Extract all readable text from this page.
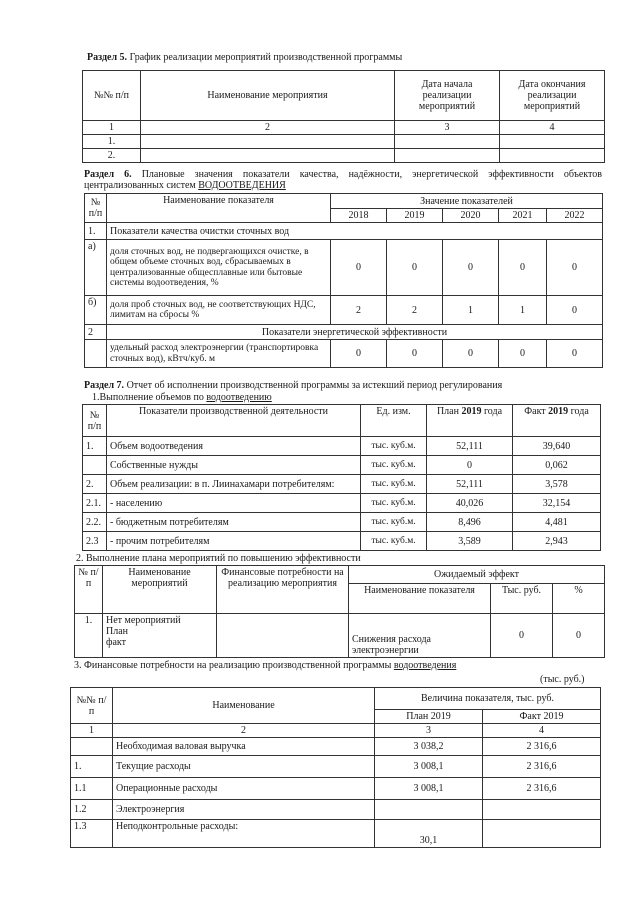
Раздел 5. График реализации мероприятий производственной программы
№№ п/п	Наименование мероприятия	Дата начала реализации мероприятий	Дата окончания реализации мероприятий
1	2	3	4
1.			
2.			
Раздел 6. Плановые значения показатели качества, надёжности, энергетической эффективности объектов централизованных систем ВОДООТВЕДЕНИЯ
№ п/п	Наименование показателя	Значение показателей				
		2018	2019	2020	2021	2022
1.	Показатели качества очистки сточных вод					
а)	доля сточных вод, не подвергающихся очистке, в общем объеме сточных вод, сбрасываемых в централизованные общесплавные или бытовые системы водоотведения, %	0	0	0	0	0
б)	доля проб сточных вод, не соответствующих НДС, лимитам на сбросы %	2	2	1	1	0
2	Показатели энергетической эффективности					
	удельный расход электроэнергии (транспортировка сточных вод), кВтч/куб. м	0	0	0	0	0
Раздел 7. Отчет об исполнении производственной программы за истекший период регулирования
1.Выполнение объемов по водоотведению
№ п/п	Показатели производственной деятельности	Ед. изм.	План 2019 года	Факт 2019 года
1.	Объем водоотведения	тыс. куб.м.	52,111	39,640
	Собственные нужды	тыс. куб.м.	0	0,062
2.	Объем реализации: в п. Лиинахамари потребителям:	тыс. куб.м.	52,111	3,578
2.1.	- населению	тыс. куб.м.	40,026	32,154
2.2.	- бюджетным потребителям	тыс. куб.м.	8,496	4,481
2.3	- прочим потребителям	тыс. куб.м.	3,589	2,943
2. Выполнение плана мероприятий по повышению эффективности
№ п/п	Наименование мероприятий	Финансовые потребности на реализацию мероприятия	Ожидаемый эффект		
			Наименование показателя	Тыс. руб.	%
1.	Нет мероприятий
План
факт		Снижения расхода электроэнергии	0	0
3. Финансовые потребности на реализацию производственной программы водоотведения
(тыс. руб.)
№№ п/п	Наименование	Величина показателя, тыс. руб.	
		План 2019	Факт 2019
1	2	3	4
	Необходимая валовая выручка	3 038,2	2 316,6
1.	Текущие расходы	3 008,1	2 316,6
1.1	Операционные расходы	3 008,1	2 316,6
1.2	Электроэнергия		
1.3	Неподконтрольные расходы:	30,1	
